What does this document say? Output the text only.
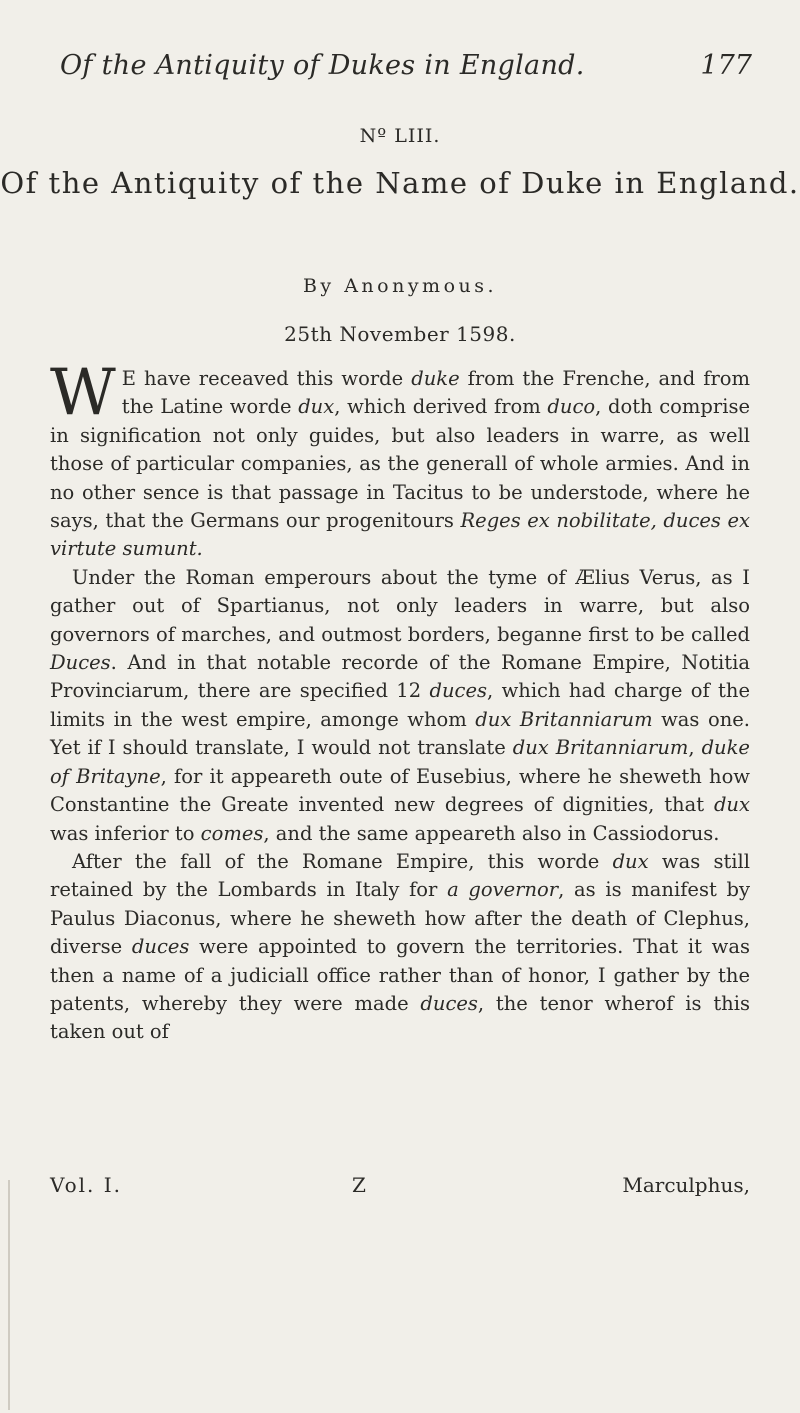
Of the Antiquity of Dukes in England.	177
Nº LIII.
Of the Antiquity of the Name of Duke in England.
By Anonymous.
25th November 1598.

W E have receaved this worde duke from the Frenche, and from the Latine worde dux, which derived from duco, doth comprise in signification not only guides, but also leaders in warre, as well those of particular companies, as the generall of whole armies. And in no other sence is that passage in Tacitus to be understode, where he says, that the Germans our progenitours Reges ex nobilitate, duces ex virtute sumunt.

Under the Roman emperours about the tyme of Ælius Verus, as I gather out of Spartianus, not only leaders in warre, but also governors of marches, and outmost borders, beganne first to be called Duces. And in that notable recorde of the Romane Empire, Notitia Provinciarum, there are specified 12 duces, which had charge of the limits in the west empire, amonge whom dux Britanniarum was one. Yet if I should translate, I would not translate dux Britanniarum, duke of Britayne, for it appeareth oute of Eusebius, where he sheweth how Constantine the Greate invented new degrees of dignities, that dux was inferior to comes, and the same appeareth also in Cassiodorus.

After the fall of the Romane Empire, this worde dux was still retained by the Lombards in Italy for a governor, as is manifest by Paulus Diaconus, where he sheweth how after the death of Clephus, diverse duces were appointed to govern the territories. That it was then a name of a judiciall office rather than of honor, I gather by the patents, whereby they were made duces, the tenor wherof is this taken out of

Vol. I.	Z	Marculphus,
